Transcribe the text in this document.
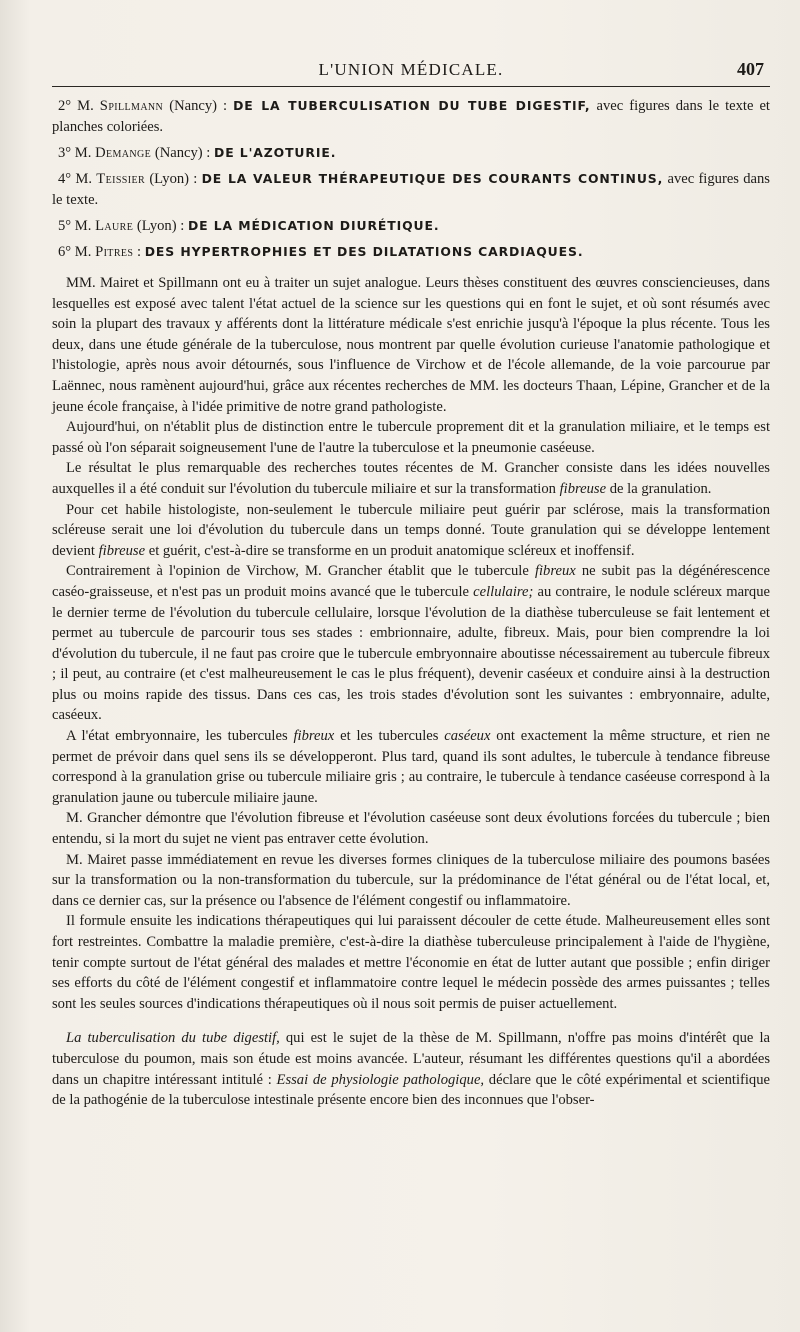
L'UNION MÉDICALE.	407
2° M. Spillmann (Nancy) : DE LA TUBERCULISATION DU TUBE DIGESTIF, avec figures dans le texte et planches coloriées.
3° M. Demange (Nancy) : DE L'AZOTURIE.
4° M. Teissier (Lyon) : DE LA VALEUR THÉRAPEUTIQUE DES COURANTS CONTINUS, avec figures dans le texte.
5° M. Laure (Lyon) : DE LA MÉDICATION DIURÉTIQUE.
6° M. Pitres : DES HYPERTROPHIES ET DES DILATATIONS CARDIAQUES.

MM. Mairet et Spillmann ont eu à traiter un sujet analogue. Leurs thèses constituent des œuvres consciencieuses, dans lesquelles est exposé avec talent l'état actuel de la science sur les questions qui en font le sujet, et où sont résumés avec soin la plupart des travaux y afférents dont la littérature médicale s'est enrichie jusqu'à l'époque la plus récente. Tous les deux, dans une étude générale de la tuberculose, nous montrent par quelle évolution curieuse l'anatomie pathologique et l'histologie, après nous avoir détournés, sous l'influence de Virchow et de l'école allemande, de la voie parcourue par Laënnec, nous ramènent aujourd'hui, grâce aux récentes recherches de MM. les docteurs Thaan, Lépine, Grancher et de la jeune école française, à l'idée primitive de notre grand pathologiste.

Aujourd'hui, on n'établit plus de distinction entre le tubercule proprement dit et la granulation miliaire, et le temps est passé où l'on séparait soigneusement l'une de l'autre la tuberculose et la pneumonie caséeuse.

Le résultat le plus remarquable des recherches toutes récentes de M. Grancher consiste dans les idées nouvelles auxquelles il a été conduit sur l'évolution du tubercule miliaire et sur la transformation fibreuse de la granulation.

Pour cet habile histologiste, non-seulement le tubercule miliaire peut guérir par sclérose, mais la transformation scléreuse serait une loi d'évolution du tubercule dans un temps donné. Toute granulation qui se développe lentement devient fibreuse et guérit, c'est-à-dire se transforme en un produit anatomique scléreux et inoffensif.

Contrairement à l'opinion de Virchow, M. Grancher établit que le tubercule fibreux ne subit pas la dégénérescence caséo-graisseuse, et n'est pas un produit moins avancé que le tubercule cellulaire; au contraire, le nodule scléreux marque le dernier terme de l'évolution du tubercule cellulaire, lorsque l'évolution de la diathèse tuberculeuse se fait lentement et permet au tubercule de parcourir tous ses stades : embrionnaire, adulte, fibreux. Mais, pour bien comprendre la loi d'évolution du tubercule, il ne faut pas croire que le tubercule embryonnaire aboutisse nécessairement au tubercule fibreux ; il peut, au contraire (et c'est malheureusement le cas le plus fréquent), devenir caséeux et conduire ainsi à la destruction plus ou moins rapide des tissus. Dans ces cas, les trois stades d'évolution sont les suivantes : embryonnaire, adulte, caséeux.

A l'état embryonnaire, les tubercules fibreux et les tubercules caséeux ont exactement la même structure, et rien ne permet de prévoir dans quel sens ils se développeront. Plus tard, quand ils sont adultes, le tubercule à tendance fibreuse correspond à la granulation grise ou tubercule miliaire gris ; au contraire, le tubercule à tendance caséeuse correspond à la granulation jaune ou tubercule miliaire jaune.

M. Grancher démontre que l'évolution fibreuse et l'évolution caséeuse sont deux évolutions forcées du tubercule ; bien entendu, si la mort du sujet ne vient pas entraver cette évolution.

M. Mairet passe immédiatement en revue les diverses formes cliniques de la tuberculose miliaire des poumons basées sur la transformation ou la non-transformation du tubercule, sur la prédominance de l'état général ou de l'état local, et, dans ce dernier cas, sur la présence ou l'absence de l'élément congestif ou inflammatoire.

Il formule ensuite les indications thérapeutiques qui lui paraissent découler de cette étude. Malheureusement elles sont fort restreintes. Combattre la maladie première, c'est-à-dire la diathèse tuberculeuse principalement à l'aide de l'hygiène, tenir compte surtout de l'état général des malades et mettre l'économie en état de lutter autant que possible ; enfin diriger ses efforts du côté de l'élément congestif et inflammatoire contre lequel le médecin possède des armes puissantes ; telles sont les seules sources d'indications thérapeutiques où il nous soit permis de puiser actuellement.

La tuberculisation du tube digestif, qui est le sujet de la thèse de M. Spillmann, n'offre pas moins d'intérêt que la tuberculose du poumon, mais son étude est moins avancée. L'auteur, résumant les différentes questions qu'il a abordées dans un chapitre intéressant intitulé : Essai de physiologie pathologique, déclare que le côté expérimental et scientifique de la pathogénie de la tuberculose intestinale présente encore bien des inconnues que l'obser-
